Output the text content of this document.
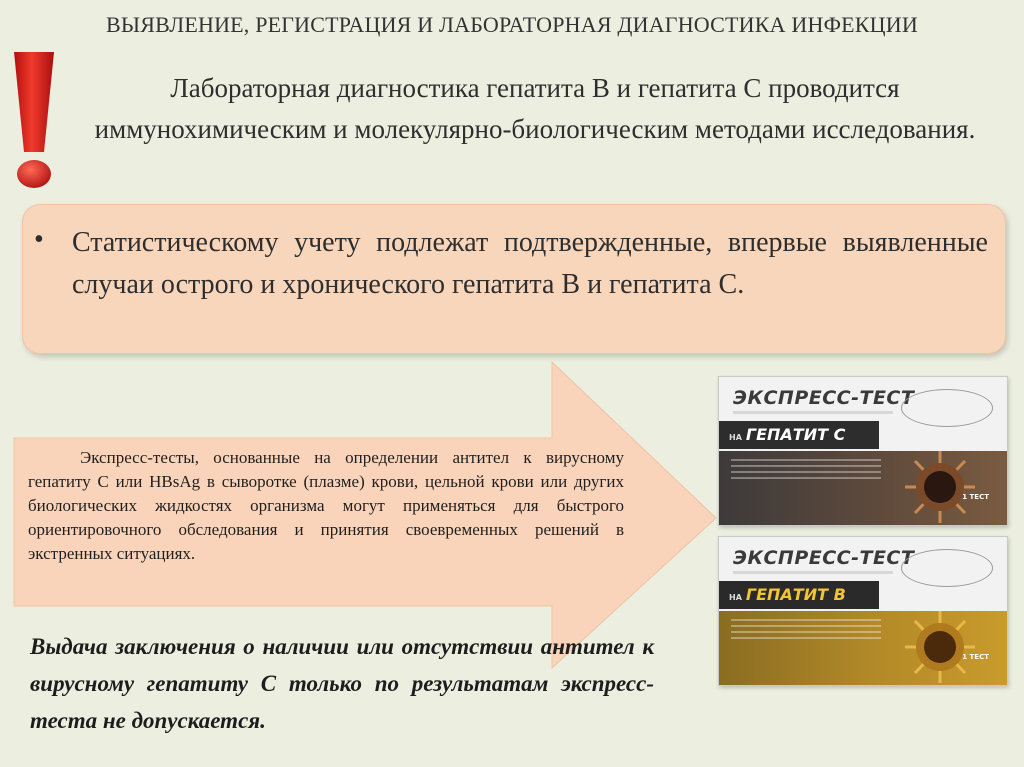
ВЫЯВЛЕНИЕ, РЕГИСТРАЦИЯ И ЛАБОРАТОРНАЯ ДИАГНОСТИКА ИНФЕКЦИИ
Лабораторная диагностика гепатита В и гепатита С проводится иммунохимическим и молекулярно-биологическим методами исследования.
• Статистическому учету подлежат подтвержденные, впервые выявленные случаи острого и хронического гепатита В и гепатита С.
Экспресс-тесты, основанные на определении антител к вирусному гепатиту С или HBsAg в сыворотке (плазме) крови, цельной крови или других биологических жидкостях организма могут применяться для быстрого ориентировочного обследования и принятия своевременных решений в экстренных ситуациях.
Выдача заключения о наличии или отсутствии антител к вирусному гепатиту С только по результатам экспресс-теста не допускается.
ЭКСПРЕСС-ТЕСТ
НА ГЕПАТИТ С
1 ТЕСТ
ЭКСПРЕСС-ТЕСТ
НА ГЕПАТИТ В
1 ТЕСТ
